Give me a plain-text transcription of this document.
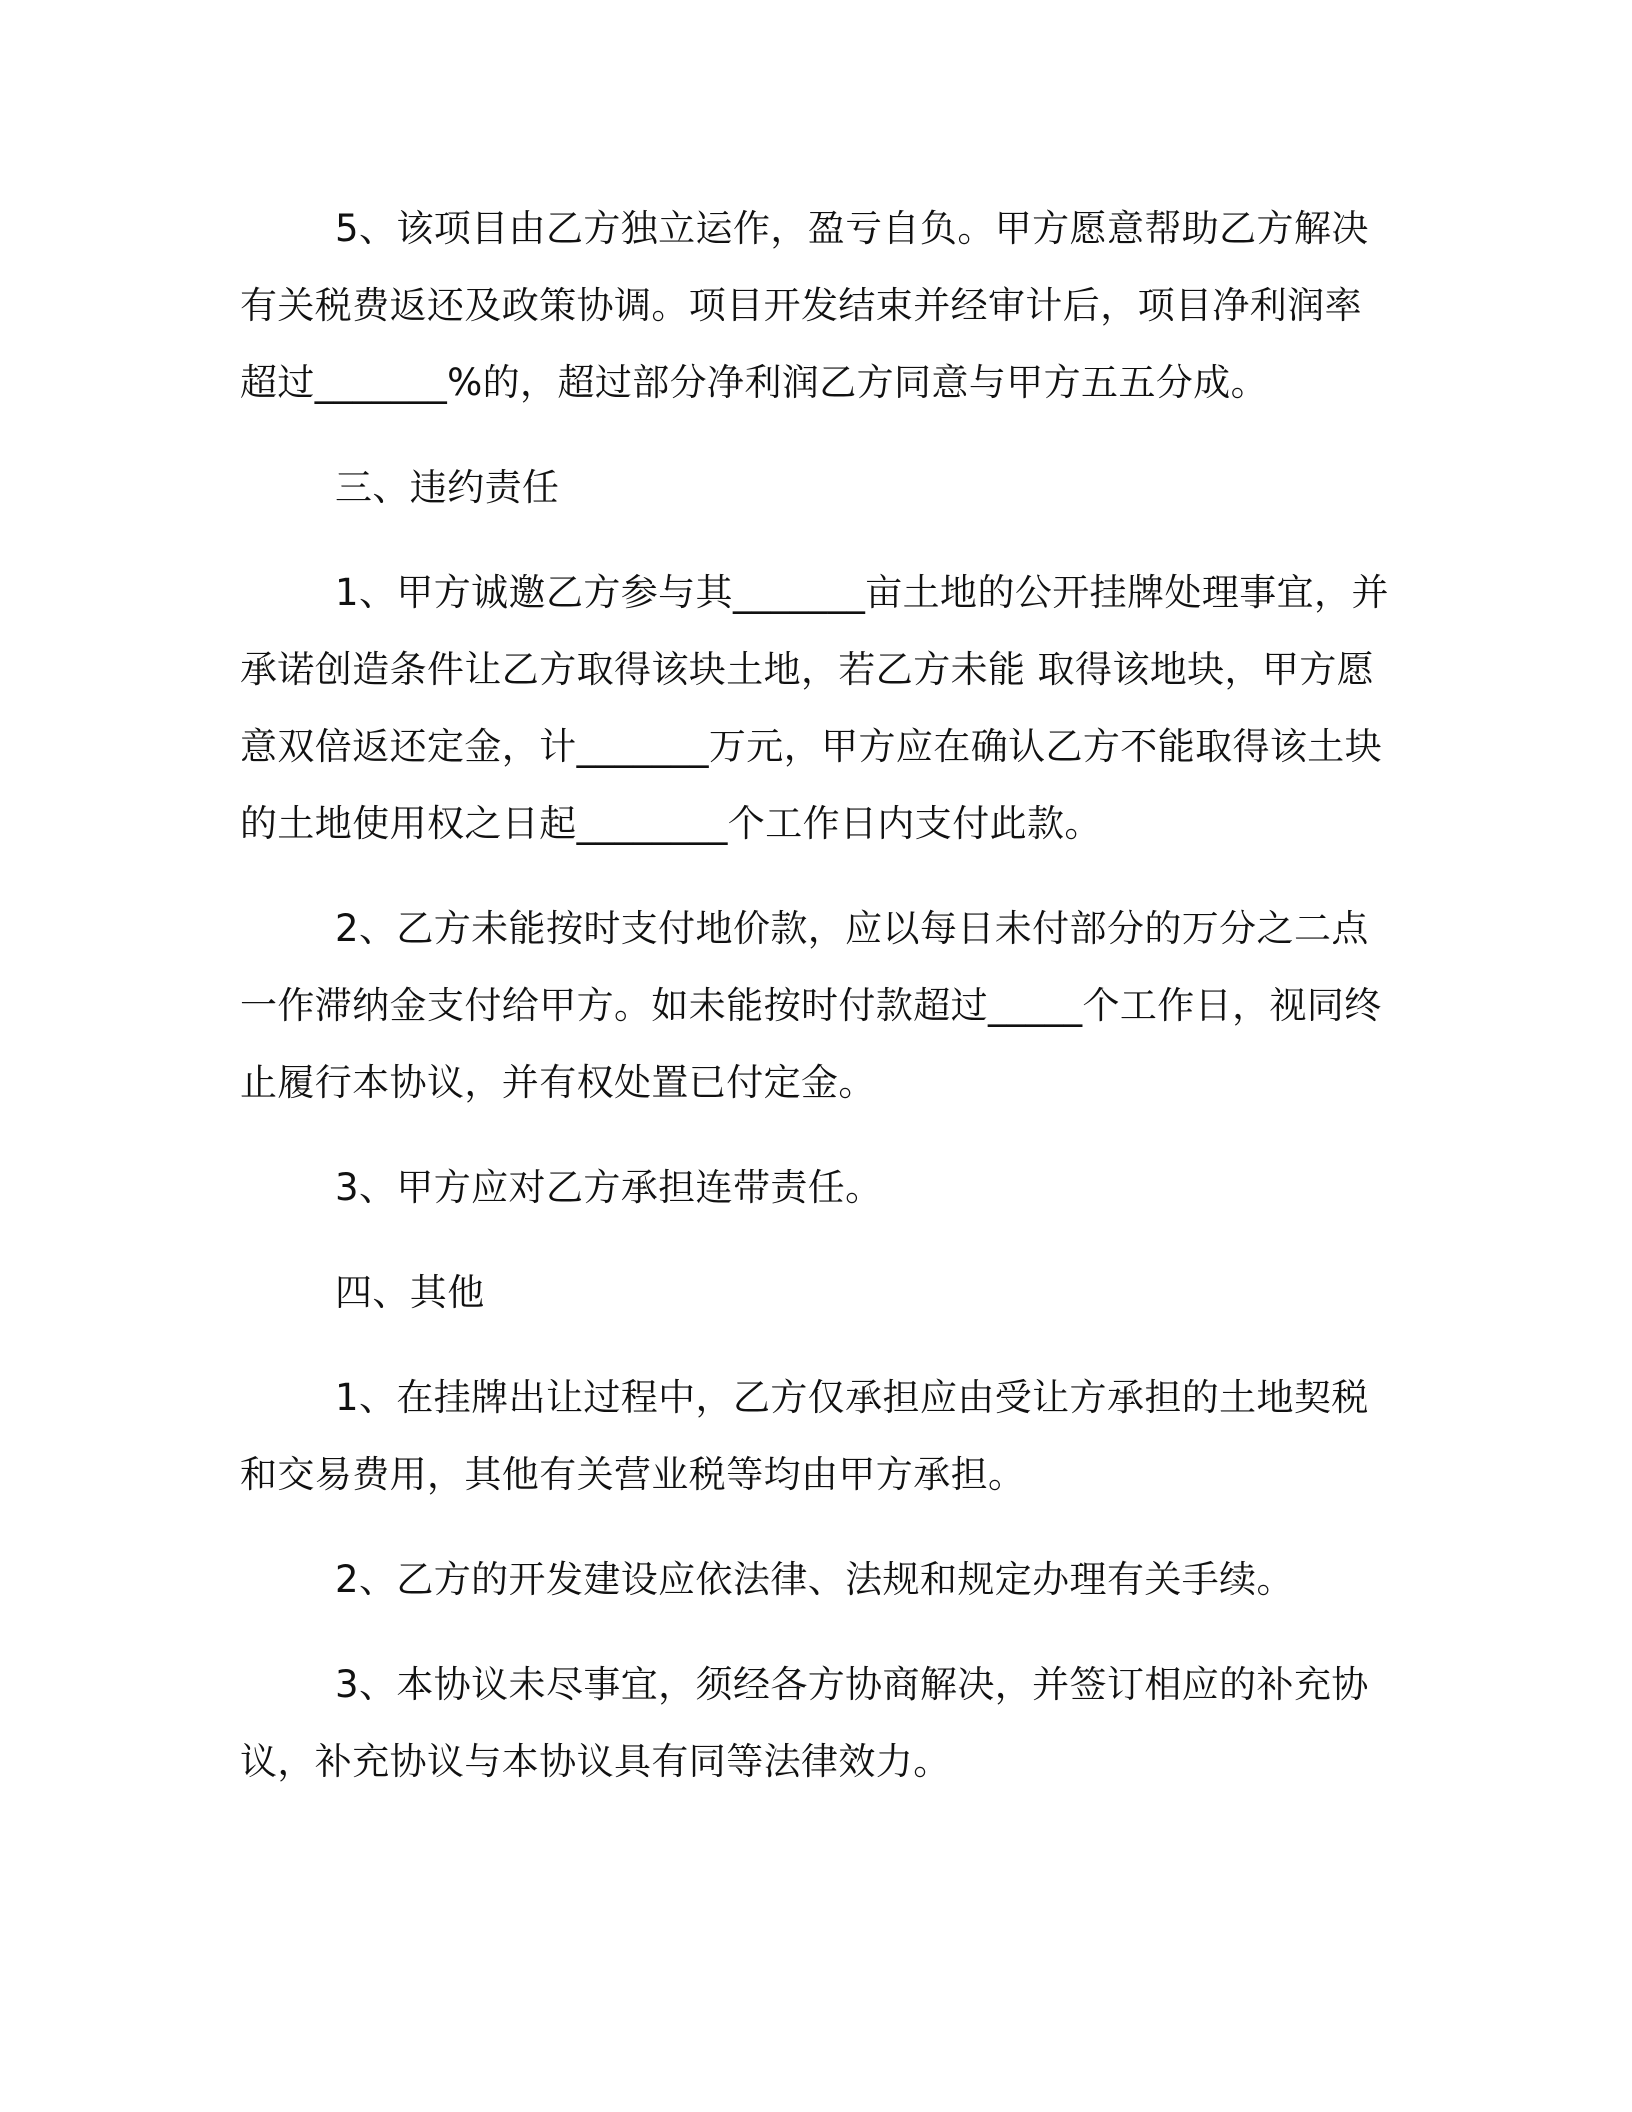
5、该项目由乙方独立运作，盈亏自负。甲方愿意帮助乙方解决有关税费返还及政策协调。项目开发结束并经审计后，项目净利润率超过_______%的，超过部分净利润乙方同意与甲方五五分成。

三、违约责任

1、甲方诚邀乙方参与其_______亩土地的公开挂牌处理事宜，并承诺创造条件让乙方取得该块土地，若乙方未能 取得该地块，甲方愿意双倍返还定金，计_______万元，甲方应在确认乙方不能取得该土块的土地使用权之日起________个工作日内支付此款。

2、乙方未能按时支付地价款，应以每日未付部分的万分之二点一作滞纳金支付给甲方。如未能按时付款超过_____个工作日，视同终止履行本协议，并有权处置已付定金。

3、甲方应对乙方承担连带责任。

四、其他

1、在挂牌出让过程中，乙方仅承担应由受让方承担的土地契税和交易费用，其他有关营业税等均由甲方承担。

2、乙方的开发建设应依法律、法规和规定办理有关手续。

3、本协议未尽事宜，须经各方协商解决，并签订相应的补充协议，补充协议与本协议具有同等法律效力。
